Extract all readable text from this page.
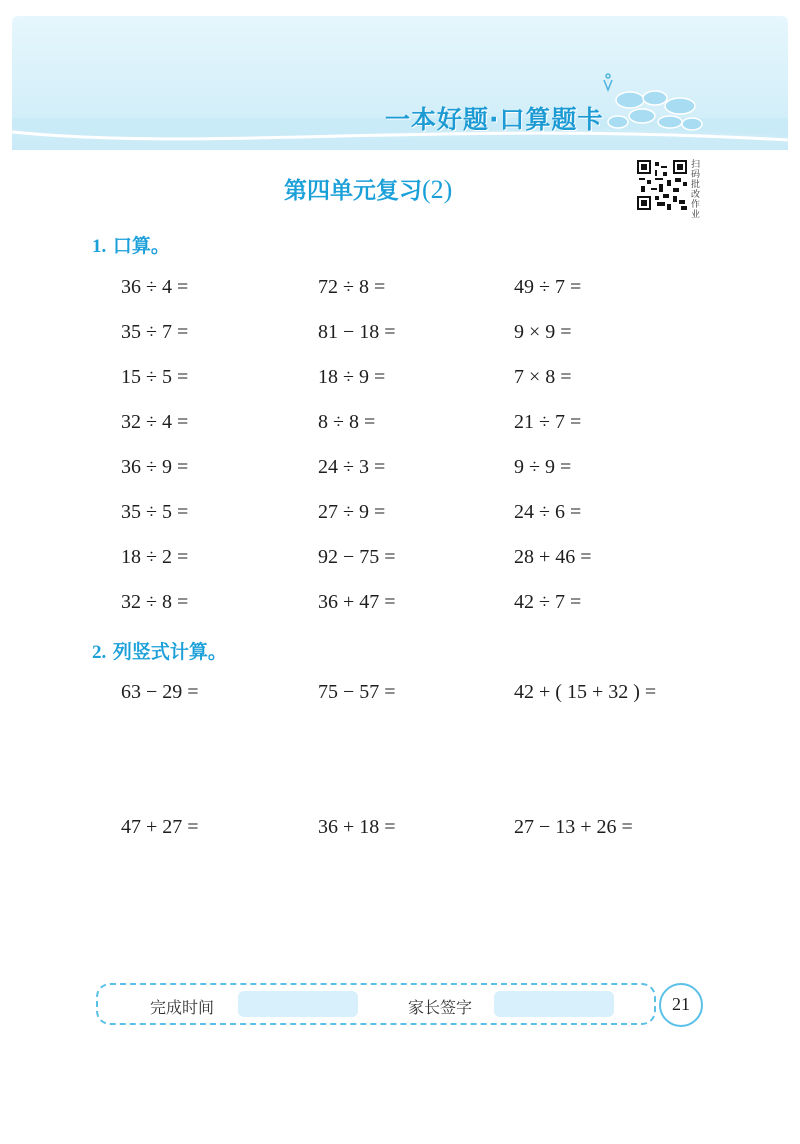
一本好题·口算题卡
第四单元复习(2)
扫码批改作业
1. 口算。
36 ÷ 4 =	72 ÷ 8 =	49 ÷ 7 =
35 ÷ 7 =	81 − 18 =	9 × 9 =
15 ÷ 5 =	18 ÷ 9 =	7 × 8 =
32 ÷ 4 =	8 ÷ 8 =	21 ÷ 7 =
36 ÷ 9 =	24 ÷ 3 =	9 ÷ 9 =
35 ÷ 5 =	27 ÷ 9 =	24 ÷ 6 =
18 ÷ 2 =	92 − 75 =	28 + 46 =
32 ÷ 8 =	36 + 47 =	42 ÷ 7 =
2. 列竖式计算。
63 − 29 =	75 − 57 =	42 + ( 15 + 32 ) =
47 + 27 =	36 + 18 =	27 − 13 + 26 =
完成时间	家长签字	21
